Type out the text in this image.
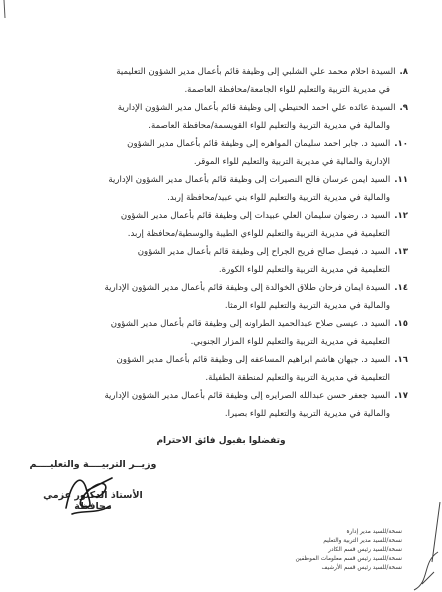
٨.السيدة احلام محمد علي الشلبي إلى وظيفة قائم بأعمال مدير الشؤون التعليمية
في مديرية التربية والتعليم للواء الجامعة/محافظة العاصمة.
٩.السيدة عائده علي احمد الحنيطي إلى وظيفة قائم بأعمال مدير الشؤون الإدارية
والمالية في مديرية التربية والتعليم للواء القويسمة/محافظة العاصمة.
١٠.السيد د. جابر احمد سليمان المواهره إلى وظيفة قائم بأعمال مدير الشؤون
الإدارية والمالية في مديرية التربية والتعليم للواء الموقر.
١١.السيد ايمن عرسان فالح النصيرات إلى وظيفة قائم بأعمال مدير الشؤون الإدارية
والمالية في مديرية التربية والتعليم للواء بني عبيد/محافظة إربد.
١٢.السيد د. رضوان سليمان العلي عبيدات إلى وظيفة قائم بأعمال مدير الشؤون
التعليمية في مديرية التربية والتعليم للواءي الطيبة والوسطية/محافظة إربد.
١٣.السيد د. فيصل صالح فريح الجراح إلى وظيفة قائم بأعمال مدير الشؤون
التعليمية في مديرية التربية والتعليم للواء الكورة.
١٤.السيدة ايمان فرحان طلاق الخوالدة إلى وظيفة قائم بأعمال مدير الشؤون الإدارية
والمالية في مديرية التربية والتعليم للواء الرمثا.
١٥.السيد د. عيسى صلاح عبدالحميد الطراونه إلى وظيفة قائم بأعمال مدير الشؤون
التعليمية في مديرية التربية والتعليم للواء المزار الجنوبي.
١٦.السيد د. جيهان هاشم ابراهيم المساعفه إلى وظيفة قائم بأعمال مدير الشؤون
التعليمية في مديرية التربية والتعليم لمنطقة الطفيلة.
١٧.السيد جعفر حسن عبدالله الصرايره إلى وظيفة قائم بأعمال مدير الشؤون الإدارية
والمالية في مديرية التربية والتعليم للواء بصيرا.
وتفضلوا بقبول فائق الاحترام
وزيــر التربيــــة والتعليــــم
الأستاذ الدكتور عزمي محافظة
نسخة/للسيد مدير إدارة
نسخة/للسيد مدير التربية والتعليم
نسخة/للسيد رئيس قسم الكادر
نسخة/للسيد رئيس قسم معلومات الموظفين
نسخة/للسيد رئيس قسم الأرشيف
